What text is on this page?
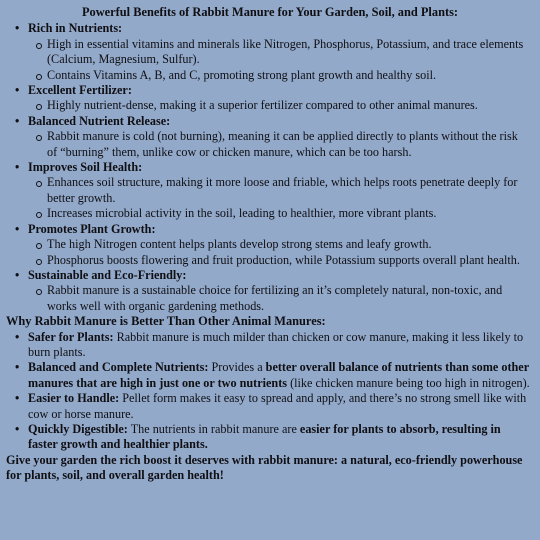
Powerful Benefits of Rabbit Manure for Your Garden, Soil, and Plants:
• Rich in Nutrients:
High in essential vitamins and minerals like Nitrogen, Phosphorus, Potassium, and trace elements (Calcium, Magnesium, Sulfur).
Contains Vitamins A, B, and C, promoting strong plant growth and healthy soil.
• Excellent Fertilizer:
Highly nutrient-dense, making it a superior fertilizer compared to other animal manures.
• Balanced Nutrient Release:
Rabbit manure is cold (not burning), meaning it can be applied directly to plants without the risk of “burning” them, unlike cow or chicken manure, which can be too harsh.
• Improves Soil Health:
Enhances soil structure, making it more loose and friable, which helps roots penetrate deeply for better growth.
Increases microbial activity in the soil, leading to healthier, more vibrant plants.
• Promotes Plant Growth:
The high Nitrogen content helps plants develop strong stems and leafy growth.
Phosphorus boosts flowering and fruit production, while Potassium supports overall plant health.
• Sustainable and Eco-Friendly:
Rabbit manure is a sustainable choice for fertilizing an it’s completely natural, non-toxic, and works well with organic gardening methods.
Why Rabbit Manure is Better Than Other Animal Manures:
• Safer for Plants: Rabbit manure is much milder than chicken or cow manure, making it less likely to burn plants.
• Balanced and Complete Nutrients: Provides a better overall balance of nutrients than some other manures that are high in just one or two nutrients (like chicken manure being too high in nitrogen).
• Easier to Handle: Pellet form makes it easy to spread and apply, and there’s no strong smell like with cow or horse manure.
• Quickly Digestible: The nutrients in rabbit manure are easier for plants to absorb, resulting in faster growth and healthier plants.

Give your garden the rich boost it deserves with rabbit manure: a natural, eco-friendly powerhouse for plants, soil, and overall garden health!
